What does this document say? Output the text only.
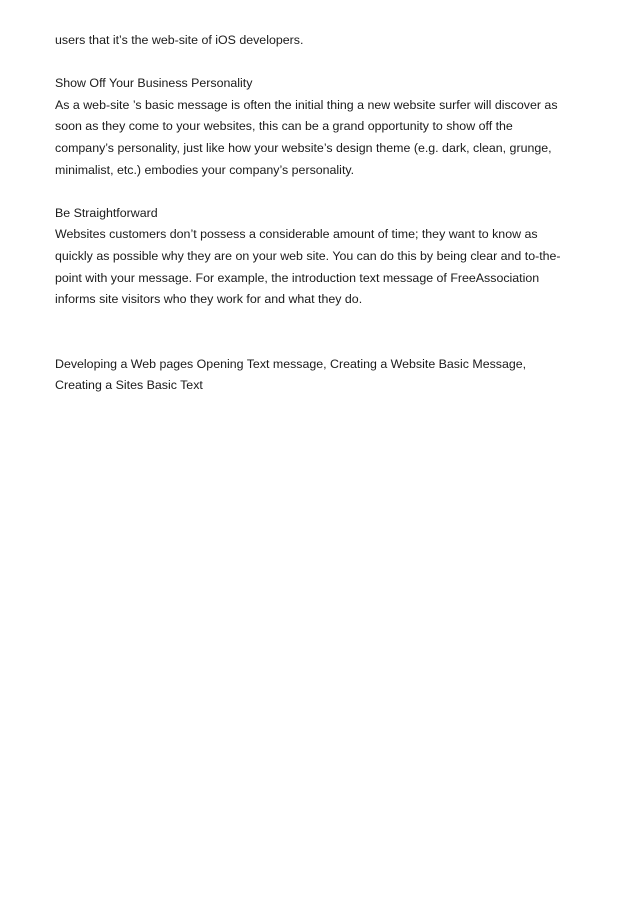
users that it’s the web-site of iOS developers.
Show Off Your Business Personality
As a web-site ’s basic message is often the initial thing a new website surfer will discover as
soon as they come to your websites, this can be a grand opportunity to show off the
company’s personality, just like how your website’s design theme (e.g. dark, clean, grunge,
minimalist, etc.) embodies your company’s personality.
Be Straightforward
Websites customers don’t possess a considerable amount of time; they want to know as
quickly as possible why they are on your web site. You can do this by being clear and to-the-
point with your message. For example, the introduction text message of FreeAssociation
informs site visitors who they work for and what they do.
Developing a Web pages Opening Text message, Creating a Website Basic Message,
Creating a Sites Basic Text
